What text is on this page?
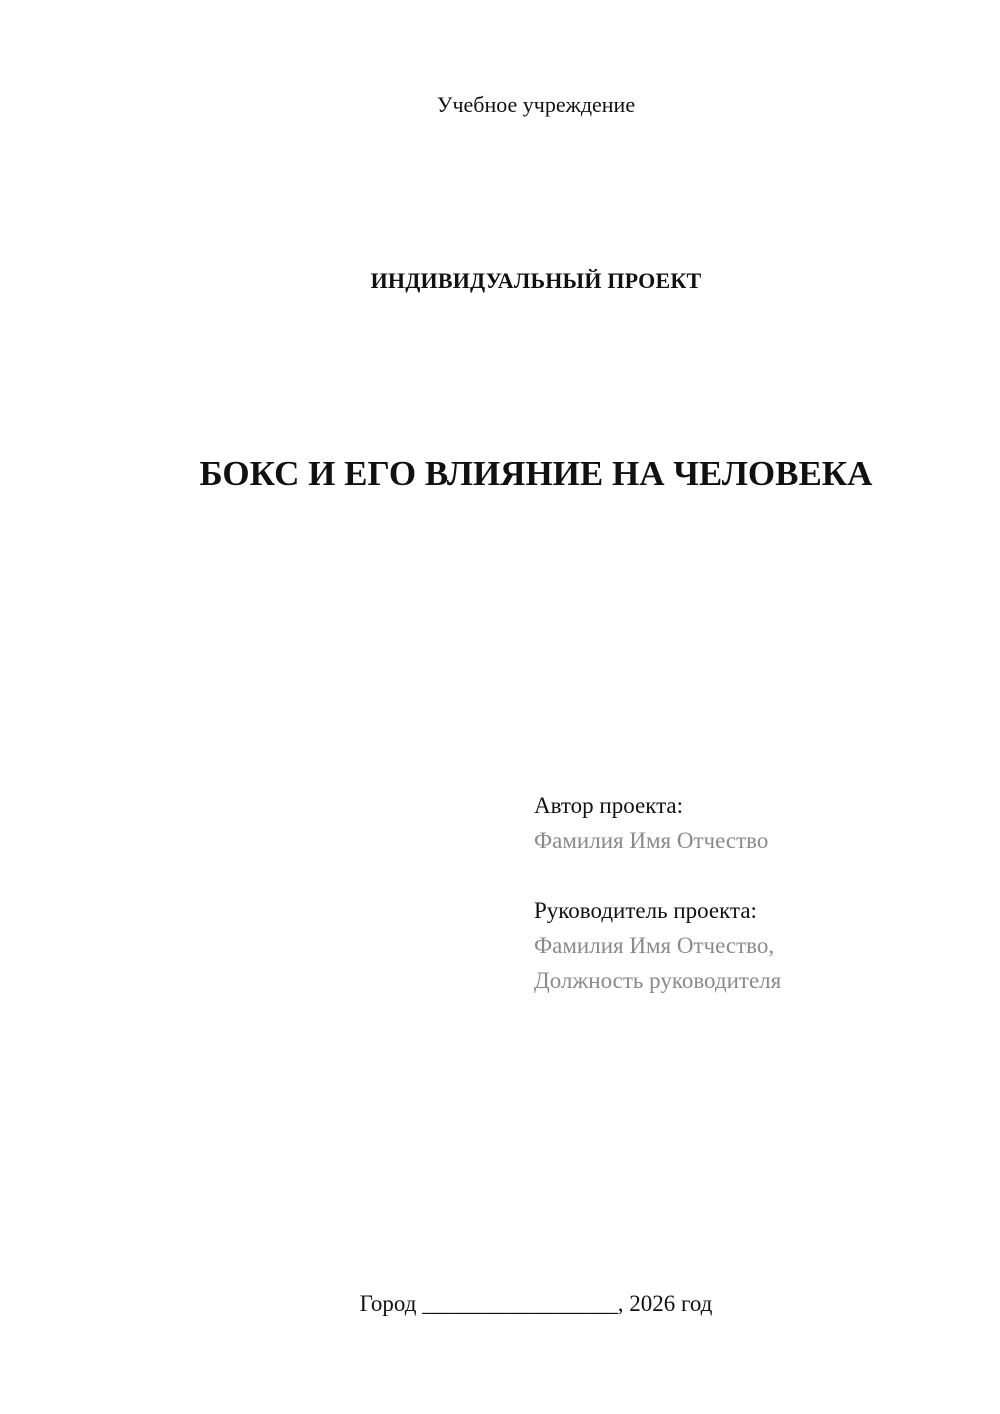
Учебное учреждение
ИНДИВИДУАЛЬНЫЙ ПРОЕКТ
БОКС И ЕГО ВЛИЯНИЕ НА ЧЕЛОВЕКА
Автор проекта:
Фамилия Имя Отчество
Руководитель проекта:
Фамилия Имя Отчество,
Должность руководителя
Город _________________, 2026 год
